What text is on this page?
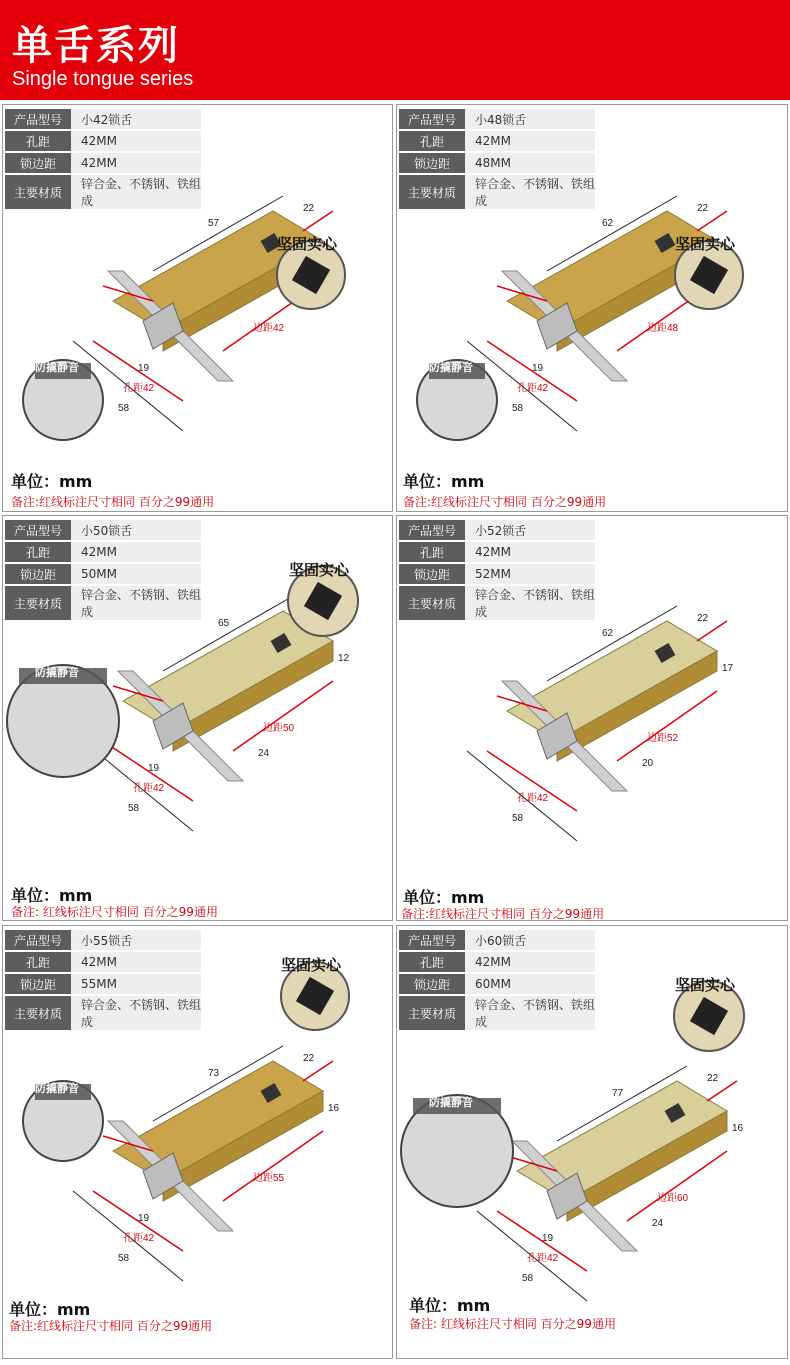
单舌系列
Single tongue series
57
22
58
19
孔距42
边距42
产品型号	小42锁舌
孔距	42MM
锁边距	42MM
主要材质	锌合金、不锈钢、铁组成
坚固实心
防撬静音
单位：mm
备注:红线标注尺寸相同 百分之99通用
62
22
58
19
孔距42
边距48
产品型号	小48锁舌
孔距	42MM
锁边距	48MM
主要材质	锌合金、不锈钢、铁组成
坚固实心
防撬静音
单位：mm
备注:红线标注尺寸相同 百分之99通用
65
12
58
19
24
孔距42
边距50
产品型号	小50锁舌
孔距	42MM
锁边距	50MM
主要材质	锌合金、不锈钢、铁组成
坚固实心
防撬静音
单位：mm
备注: 红线标注尺寸相同 百分之99通用
62
22
17
58
20
孔距42
边距52
产品型号	小52锁舌
孔距	42MM
锁边距	52MM
主要材质	锌合金、不锈钢、铁组成
单位：mm
备注:红线标注尺寸相同 百分之99通用
73
22
16
58
19
孔距42
边距55
产品型号	小55锁舌
孔距	42MM
锁边距	55MM
主要材质	锌合金、不锈钢、铁组成
坚固实心
防撬静音
单位：mm
备注:红线标注尺寸相同 百分之99通用
77
22
16
58
19
24
孔距42
边距60
产品型号	小60锁舌
孔距	42MM
锁边距	60MM
主要材质	锌合金、不锈钢、铁组成
坚固实心
防撬静音
单位：mm
备注: 红线标注尺寸相同 百分之99通用
